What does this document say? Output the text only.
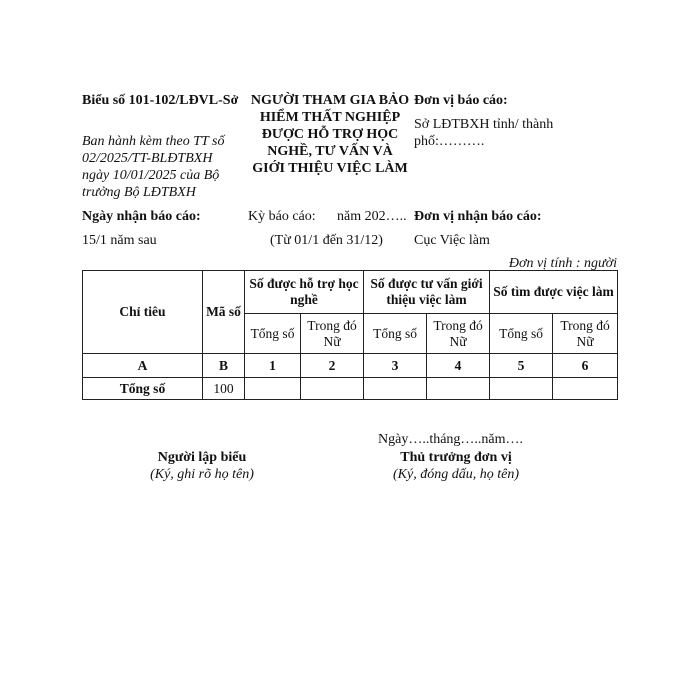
Biểu số 101-102/LĐVL-Sở
Ban hành kèm theo TT số 02/2025/TT-BLĐTBXH ngày 10/01/2025 của Bộ trưởng Bộ LĐTBXH
NGƯỜI THAM GIA BẢO HIỂM THẤT NGHIỆP ĐƯỢC HỖ TRỢ HỌC NGHỀ, TƯ VẤN VÀ GIỚI THIỆU VIỆC LÀM
Đơn vị báo cáo:
Sở LĐTBXH tỉnh/ thành phố:……….
Ngày nhận báo cáo:
15/1 năm sau
Kỳ báo cáo:	năm 202…..
(Từ 01/1 đến 31/12)
Đơn vị nhận báo cáo:
Cục Việc làm
Đơn vị tính : người
Chỉ tiêu	Mã số	Số được hỗ trợ học nghề		Số được tư vấn giới thiệu việc làm		Số tìm được việc làm	
		Tổng số	Trong đó Nữ	Tổng số	Trong đó Nữ	Tổng số	Trong đó Nữ
A	B	1	2	3	4	5	6
Tổng số	100						
Ngày…..tháng…..năm….
Người lập biểu
(Ký, ghi rõ họ tên)
Thủ trưởng đơn vị
(Ký, đóng dấu, họ tên)
